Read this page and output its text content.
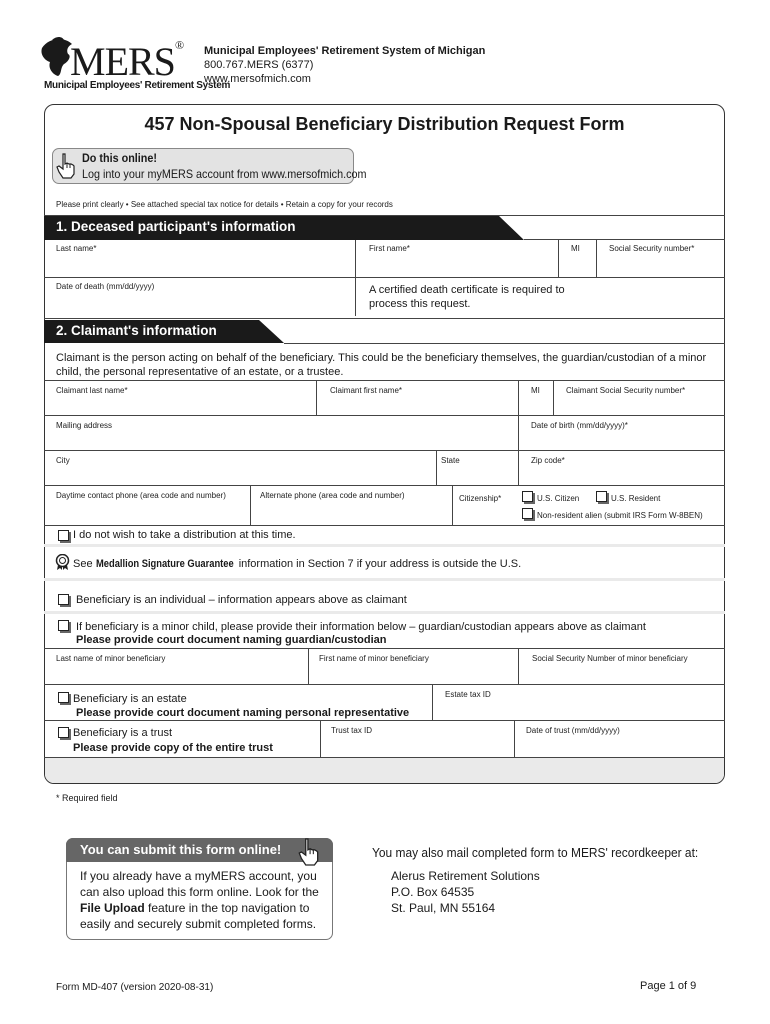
MERS®
Municipal Employees' Retirement System
Municipal Employees' Retirement System of Michigan
800.767.MERS (6377)
www.mersofmich.com
457 Non-Spousal Beneficiary Distribution Request Form
Do this online!
Log into your myMERS account from www.mersofmich.com
Please print clearly • See attached special tax notice for details • Retain a copy for your records
1. Deceased participant's information
Last name*	First name*	MI	Social Security number*
Date of death (mm/dd/yyyy)	A certified death certificate is required to process this request.
2. Claimant's information
Claimant is the person acting on behalf of the beneficiary. This could be the beneficiary themselves, the guardian/custodian of a minor child, the personal representative of an estate, or a trustee.
Claimant last name*	Claimant first name*	MI	Claimant Social Security number*
Mailing address	Date of birth (mm/dd/yyyy)*
City	State	Zip code*
Daytime contact phone (area code and number)	Alternate phone (area code and number)	Citizenship*	U.S. Citizen	U.S. Resident
Non-resident alien (submit IRS Form W-8BEN)
I do not wish to take a distribution at this time.
See Medallion Signature Guarantee information in Section 7 if your address is outside the U.S.
Beneficiary is an individual – information appears above as claimant
If beneficiary is a minor child, please provide their information below – guardian/custodian appears above as claimant
Please provide court document naming guardian/custodian
Last name of minor beneficiary	First name of minor beneficiary	Social Security Number of minor beneficiary
Beneficiary is an estate
Please provide court document naming personal representative
Estate tax ID
Beneficiary is a trust
Please provide copy of the entire trust
Trust tax ID	Date of trust (mm/dd/yyyy)
* Required field
You can submit this form online!
If you already have a myMERS account, you can also upload this form online. Look for the File Upload feature in the top navigation to easily and securely submit completed forms.
You may also mail completed form to MERS' recordkeeper at:
Alerus Retirement Solutions
P.O. Box 64535
St. Paul, MN 55164
Form MD-407 (version 2020-08-31)	Page 1 of 9
